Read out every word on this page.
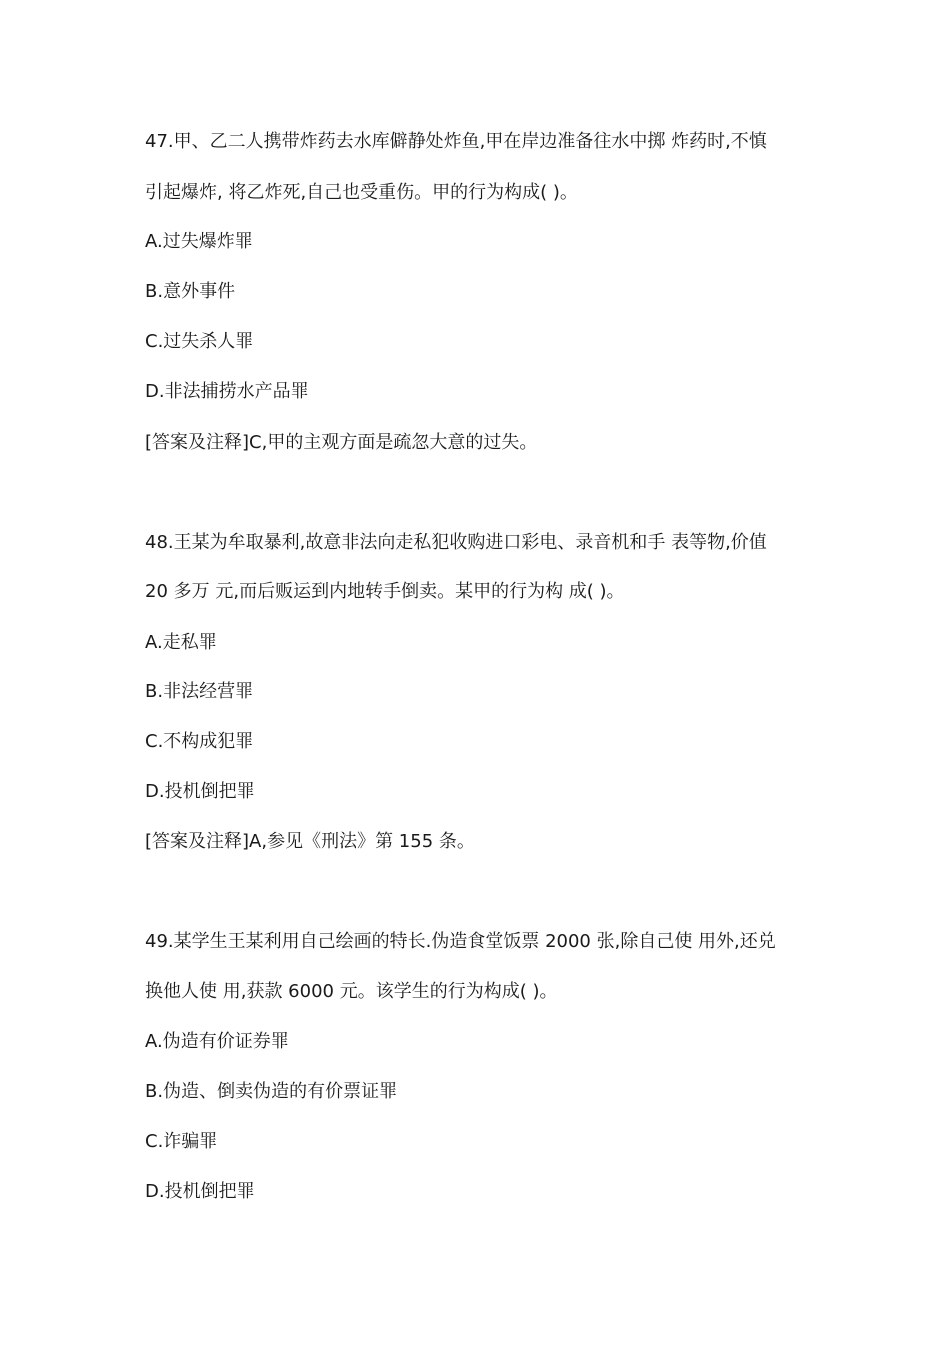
47.甲、乙二人携带炸药去水库僻静处炸鱼,甲在岸边准备往水中掷 炸药时,不慎
引起爆炸, 将乙炸死,自己也受重伤。甲的行为构成( )。
A.过失爆炸罪
B.意外事件
C.过失杀人罪
D.非法捕捞水产品罪
[答案及注释]C,甲的主观方面是疏忽大意的过失。
48.王某为牟取暴利,故意非法向走私犯收购进口彩电、录音机和手 表等物,价值
20 多万 元,而后贩运到内地转手倒卖。某甲的行为构 成( )。
A.走私罪
B.非法经营罪
C.不构成犯罪
D.投机倒把罪
[答案及注释]A,参见《刑法》第 155 条。
49.某学生王某利用自己绘画的特长.伪造食堂饭票 2000 张,除自己使 用外,还兑
换他人使 用,获款 6000 元。该学生的行为构成( )。
A.伪造有价证券罪
B.伪造、倒卖伪造的有价票证罪
C.诈骗罪
D.投机倒把罪
